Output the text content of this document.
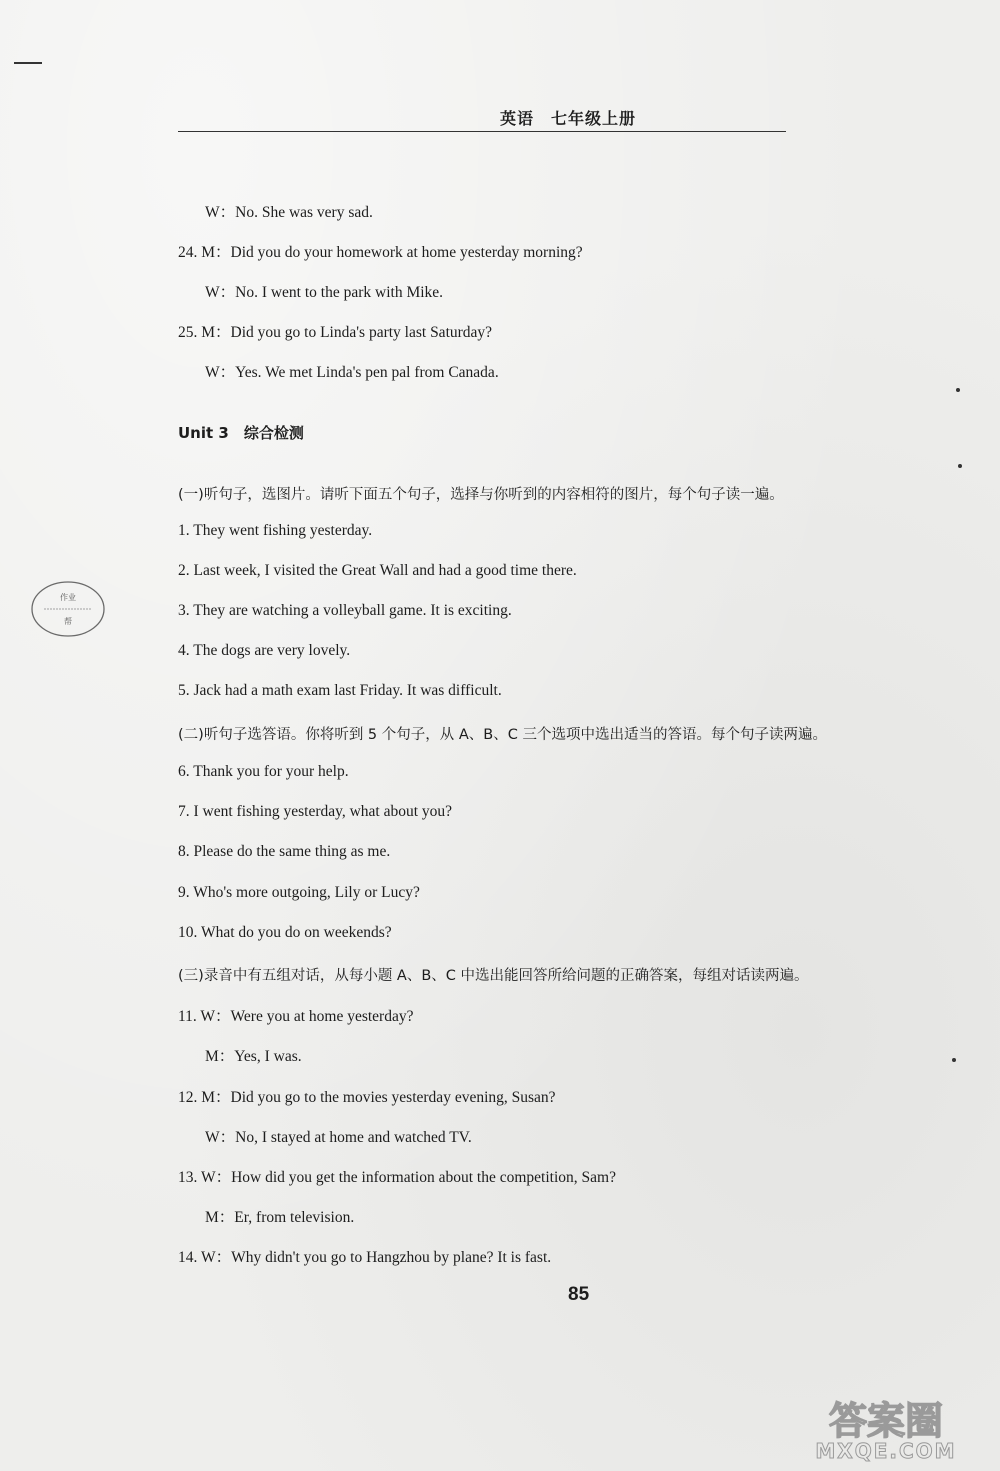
英语　七年级上册
W：No. She was very sad.
24. M：Did you do your homework at home yesterday morning?
W：No. I went to the park with Mike.
25. M：Did you go to Linda's party last Saturday?
W：Yes. We met Linda's pen pal from Canada.
Unit 3　综合检测
(一)听句子，选图片。请听下面五个句子，选择与你听到的内容相符的图片，每个句子读一遍。
1. They went fishing yesterday.
2. Last week, I visited the Great Wall and had a good time there.
3. They are watching a volleyball game. It is exciting.
4. The dogs are very lovely.
5. Jack had a math exam last Friday. It was difficult.
(二)听句子选答语。你将听到 5 个句子，从 A、B、C 三个选项中选出适当的答语。每个句子读两遍。
6. Thank you for your help.
7. I went fishing yesterday, what about you?
8. Please do the same thing as me.
9. Who's more outgoing, Lily or Lucy?
10. What do you do on weekends?
(三)录音中有五组对话，从每小题 A、B、C 中选出能回答所给问题的正确答案，每组对话读两遍。
11. W：Were you at home yesterday?
M：Yes, I was.
12. M：Did you go to the movies yesterday evening, Susan?
W：No, I stayed at home and watched TV.
13. W：How did you get the information about the competition, Sam?
M：Er, from television.
14. W：Why didn't you go to Hangzhou by plane? It is fast.
85
作业
帮
答案圈
MXQE.COM
